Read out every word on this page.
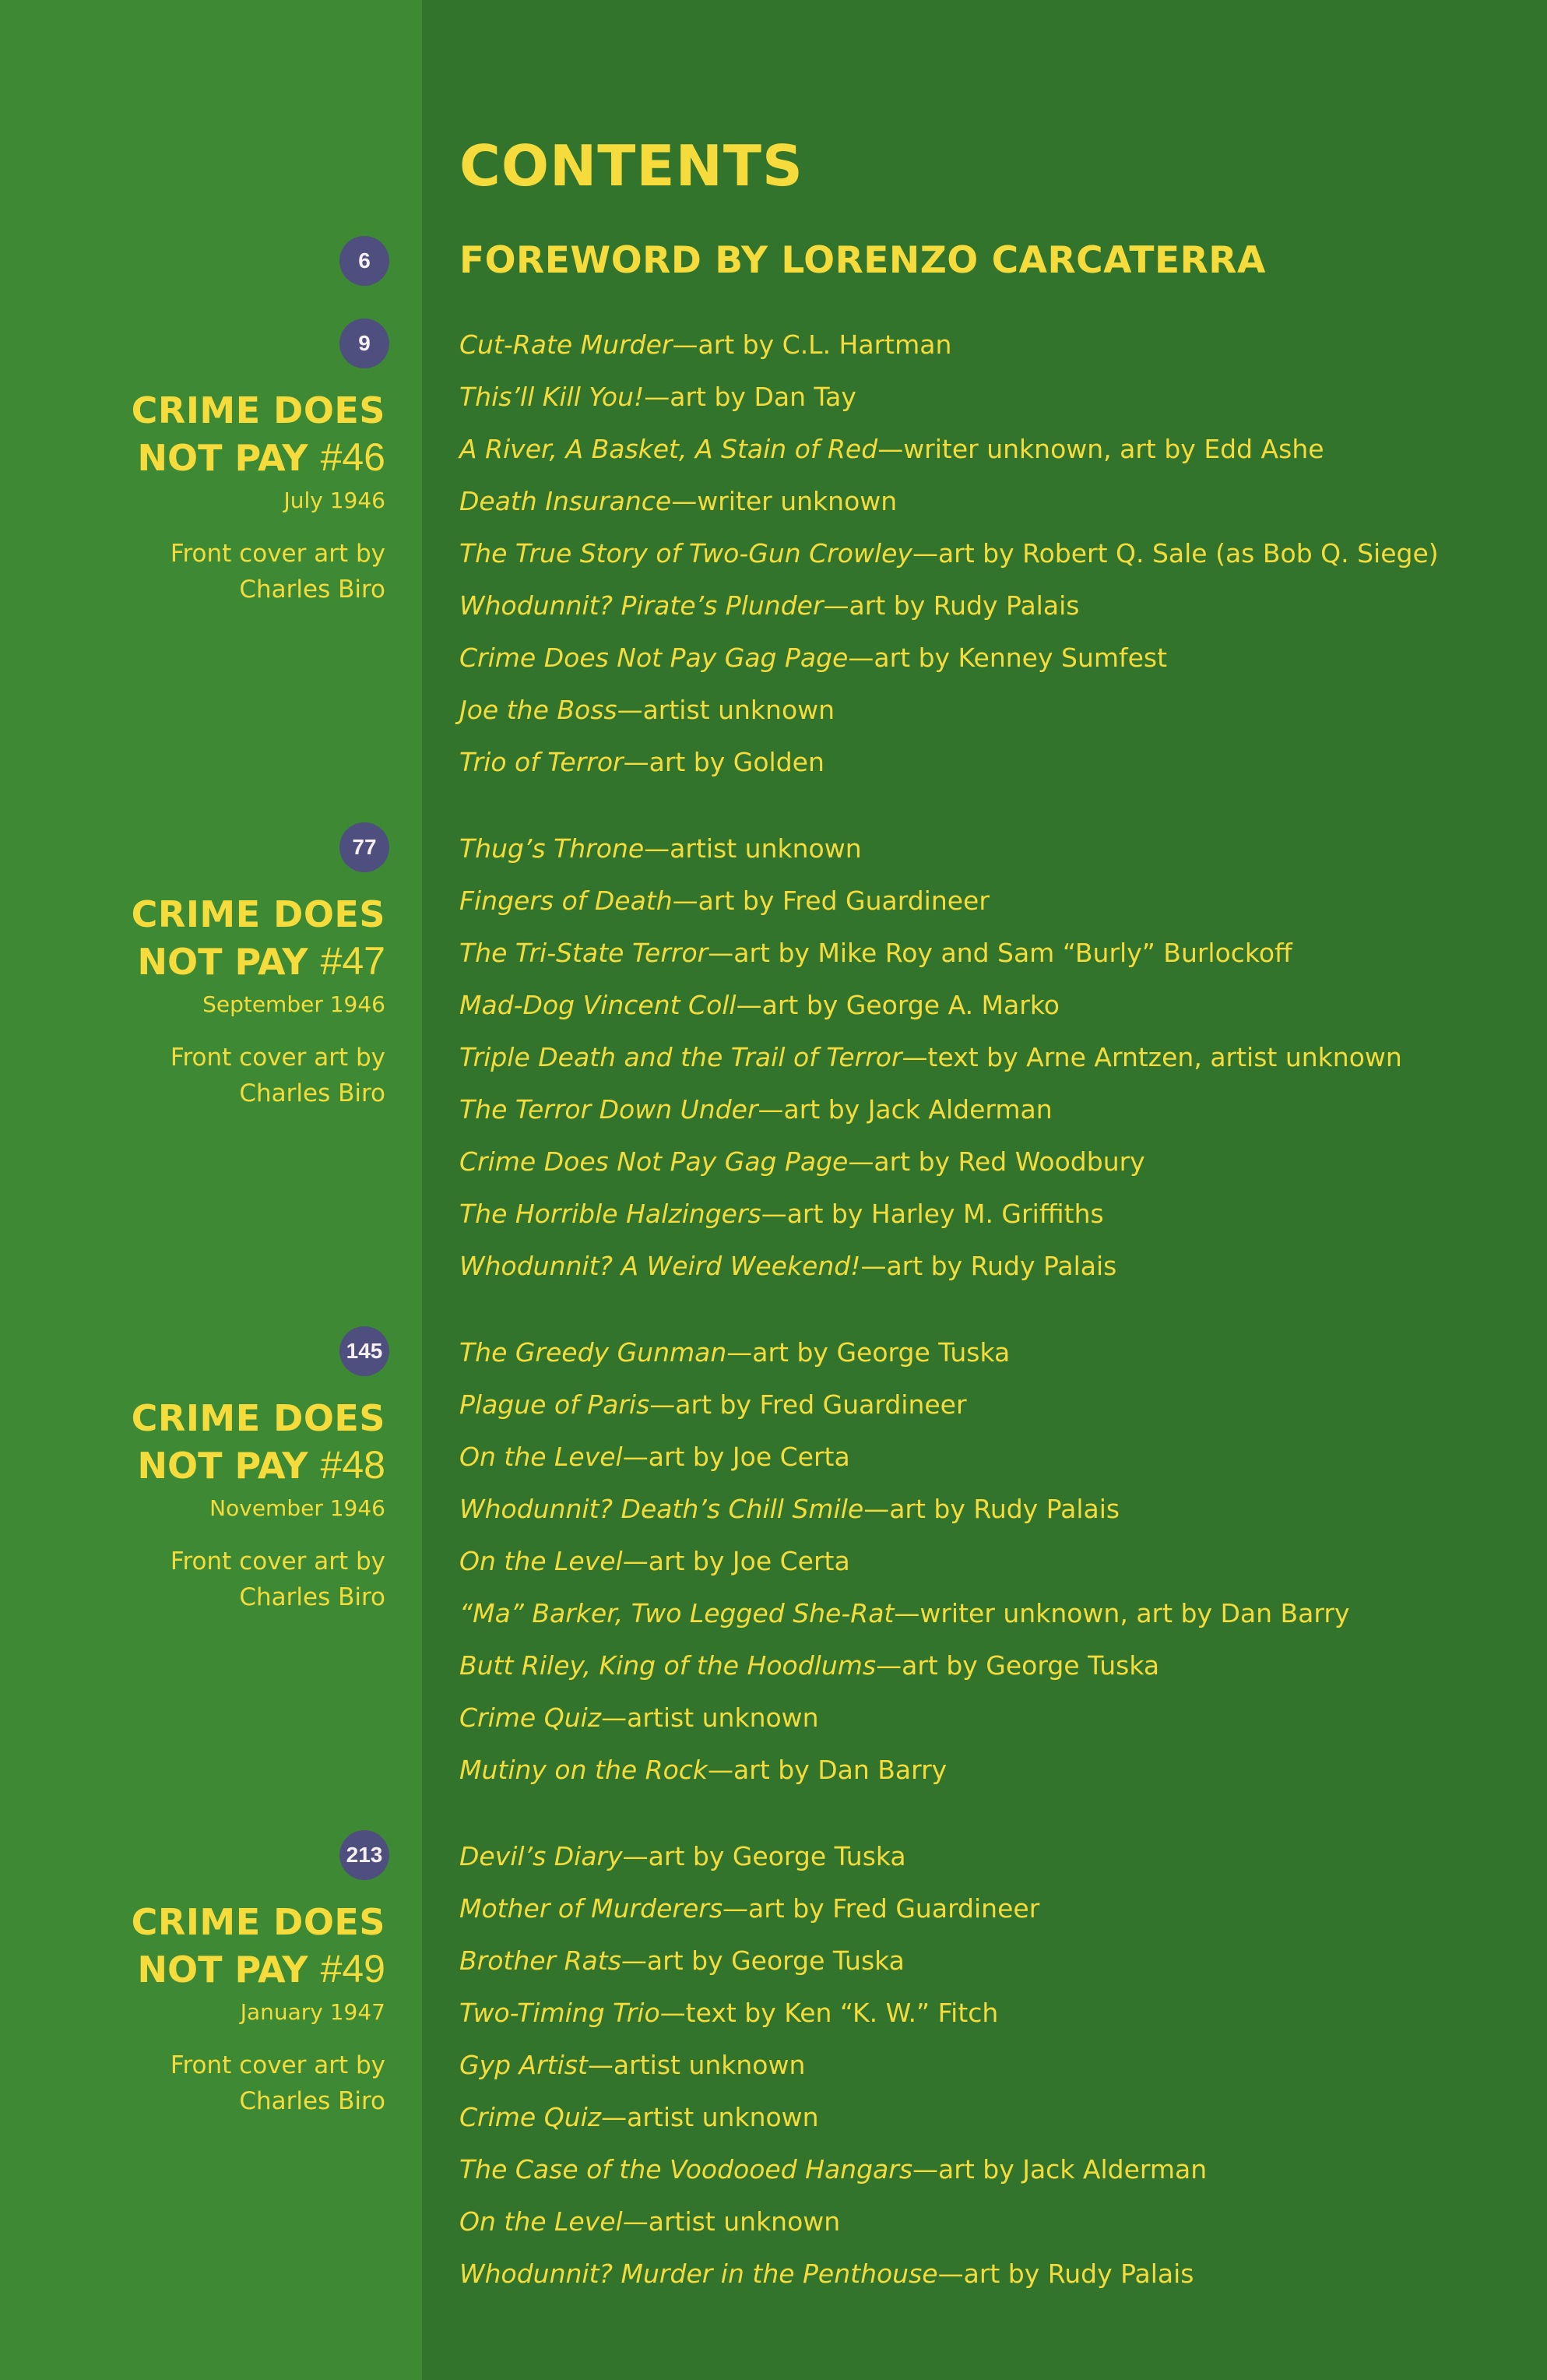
CONTENTS
6	FOREWORD BY LORENZO CARCATERRA
9
CRIME DOES
NOT PAY #46
July 1946
Front cover art by
Charles Biro
Cut-Rate Murder—art by C.L. Hartman
This’ll Kill You!—art by Dan Tay
A River, A Basket, A Stain of Red—writer unknown, art by Edd Ashe
Death Insurance—writer unknown
The True Story of Two-Gun Crowley—art by Robert Q. Sale (as Bob Q. Siege)
Whodunnit? Pirate’s Plunder—art by Rudy Palais
Crime Does Not Pay Gag Page—art by Kenney Sumfest
Joe the Boss—artist unknown
Trio of Terror—art by Golden
77
CRIME DOES
NOT PAY #47
September 1946
Front cover art by
Charles Biro
Thug’s Throne—artist unknown
Fingers of Death—art by Fred Guardineer
The Tri-State Terror—art by Mike Roy and Sam “Burly” Burlockoff
Mad-Dog Vincent Coll—art by George A. Marko
Triple Death and the Trail of Terror—text by Arne Arntzen, artist unknown
The Terror Down Under—art by Jack Alderman
Crime Does Not Pay Gag Page—art by Red Woodbury
The Horrible Halzingers—art by Harley M. Griffiths
Whodunnit? A Weird Weekend!—art by Rudy Palais
145
CRIME DOES
NOT PAY #48
November 1946
Front cover art by
Charles Biro
The Greedy Gunman—art by George Tuska
Plague of Paris—art by Fred Guardineer
On the Level—art by Joe Certa
Whodunnit? Death’s Chill Smile—art by Rudy Palais
On the Level—art by Joe Certa
“Ma” Barker, Two Legged She-Rat—writer unknown, art by Dan Barry
Butt Riley, King of the Hoodlums—art by George Tuska
Crime Quiz—artist unknown
Mutiny on the Rock—art by Dan Barry
213
CRIME DOES
NOT PAY #49
January 1947
Front cover art by
Charles Biro
Devil’s Diary—art by George Tuska
Mother of Murderers—art by Fred Guardineer
Brother Rats—art by George Tuska
Two-Timing Trio—text by Ken “K. W.” Fitch
Gyp Artist—artist unknown
Crime Quiz—artist unknown
The Case of the Voodooed Hangars—art by Jack Alderman
On the Level—artist unknown
Whodunnit? Murder in the Penthouse—art by Rudy Palais
